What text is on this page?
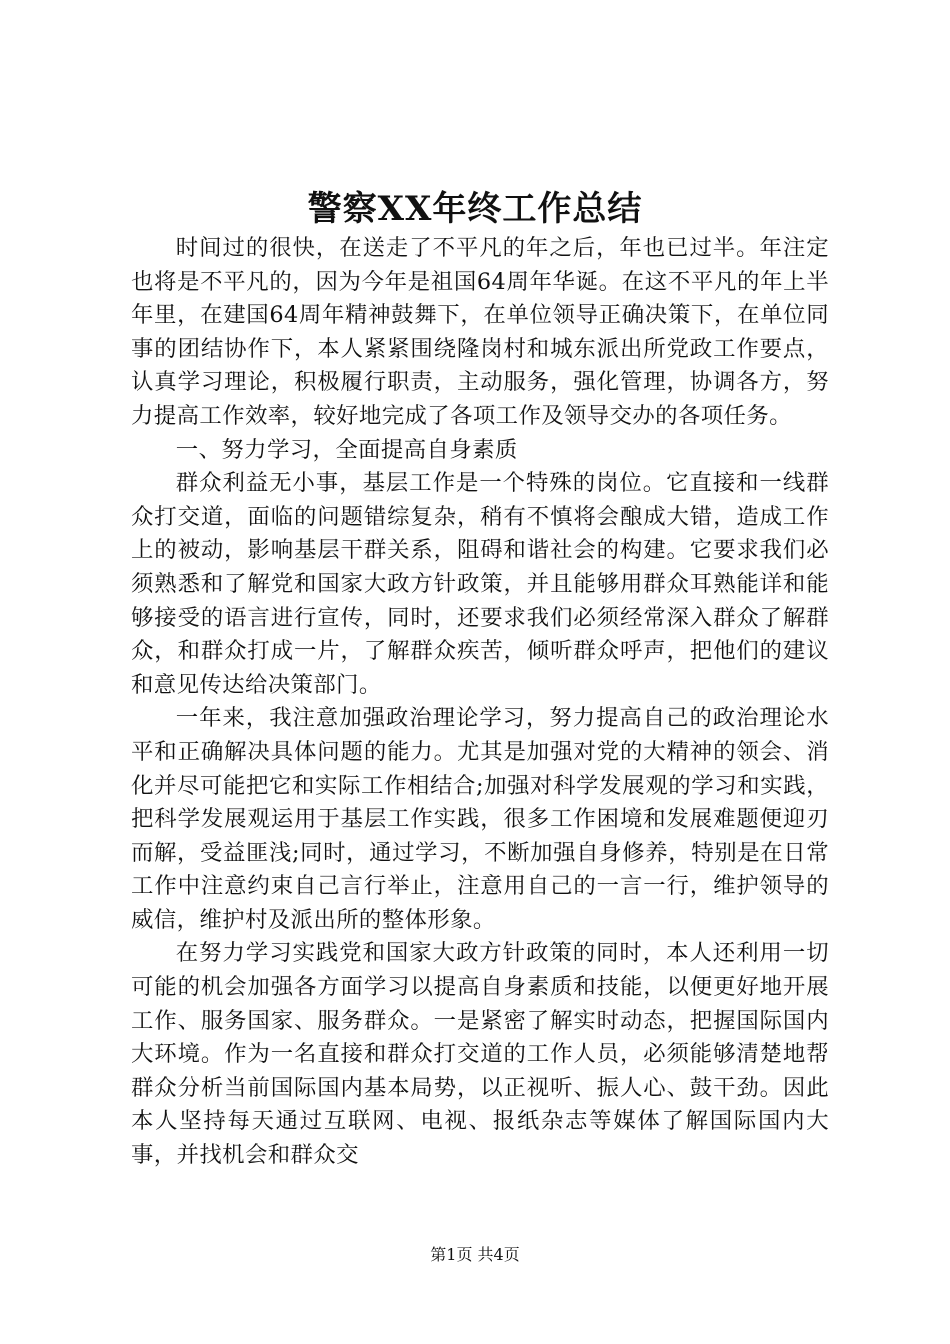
警察XX年终工作总结

时间过的很快，在送走了不平凡的年之后，年也已过半。年注定也将是不平凡的，因为今年是祖国64周年华诞。在这不平凡的年上半年里，在建国64周年精神鼓舞下，在单位领导正确决策下，在单位同事的团结协作下，本人紧紧围绕隆岗村和城东派出所党政工作要点，认真学习理论，积极履行职责，主动服务，强化管理，协调各方，努力提高工作效率，较好地完成了各项工作及领导交办的各项任务。

一、努力学习，全面提高自身素质

群众利益无小事，基层工作是一个特殊的岗位。它直接和一线群众打交道，面临的问题错综复杂，稍有不慎将会酿成大错，造成工作上的被动，影响基层干群关系，阻碍和谐社会的构建。它要求我们必须熟悉和了解党和国家大政方针政策，并且能够用群众耳熟能详和能够接受的语言进行宣传，同时，还要求我们必须经常深入群众了解群众，和群众打成一片，了解群众疾苦，倾听群众呼声，把他们的建议和意见传达给决策部门。

一年来，我注意加强政治理论学习，努力提高自己的政治理论水平和正确解决具体问题的能力。尤其是加强对党的大精神的领会、消化并尽可能把它和实际工作相结合;加强对科学发展观的学习和实践，把科学发展观运用于基层工作实践，很多工作困境和发展难题便迎刃而解，受益匪浅;同时，通过学习，不断加强自身修养，特别是在日常工作中注意约束自己言行举止，注意用自己的一言一行，维护领导的威信，维护村及派出所的整体形象。

在努力学习实践党和国家大政方针政策的同时，本人还利用一切可能的机会加强各方面学习以提高自身素质和技能，以便更好地开展工作、服务国家、服务群众。一是紧密了解实时动态，把握国际国内大环境。作为一名直接和群众打交道的工作人员，必须能够清楚地帮群众分析当前国际国内基本局势，以正视听、振人心、鼓干劲。因此本人坚持每天通过互联网、电视、报纸杂志等媒体了解国际国内大事，并找机会和群众交

第1页 共4页
